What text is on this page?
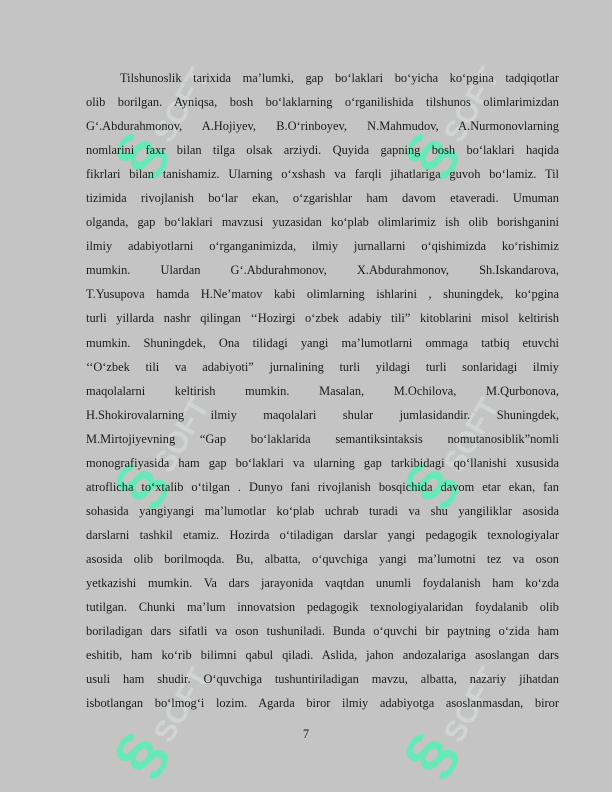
§SOFT
§SOFT
§SOFT
§SOFT
§SOFT
§SOFT
Tilshunoslik tarixida ma’lumki, gap bo‘laklari bo‘yicha ko‘pgina tadqiqotlar
olib borilgan. Ayniqsa, bosh bo‘laklarning o‘rganilishida tilshunos olimlarimizdan
G‘.Abdurahmonov, A.Hojiyev, B.O‘rinboyev, N.Mahmudov, A.Nurmonovlarning
nomlarini faxr bilan tilga olsak arziydi. Quyida gapning bosh bo‘laklari haqida
fikrlari bilan tanishamiz. Ularning o‘xshash va farqli jihatlariga guvoh bo‘lamiz. Til
tizimida rivojlanish bo‘lar ekan, o‘zgarishlar ham davom etaveradi. Umuman
olganda, gap bo‘laklari mavzusi yuzasidan ko‘plab olimlarimiz ish olib borishganini
ilmiy adabiyotlarni o‘rganganimizda, ilmiy jurnallarni o‘qishimizda ko‘rishimiz
mumkin. Ulardan G‘.Abdurahmonov, X.Abdurahmonov, Sh.Iskandarova,
T.Yusupova hamda H.Ne’matov kabi olimlarning ishlarini , shuningdek, ko‘pgina
turli yillarda nashr qilingan ‘‘Hozirgi o‘zbek adabiy tili” kitoblarini misol keltirish
mumkin. Shuningdek, Ona tilidagi yangi ma’lumotlarni ommaga tatbiq etuvchi
‘‘O‘zbek tili va adabiyoti” jurnalining turli yildagi turli sonlaridagi ilmiy
maqolalarni keltirish mumkin. Masalan, M.Ochilova, M.Qurbonova,
H.Shokirovalarning ilmiy maqolalari shular jumlasidandir. Shuningdek,
M.Mirtojiyevning “Gap bo‘laklarida semantiksintaksis nomutanosiblik”nomli
monografiyasida ham gap bo‘laklari va ularning gap tarkibidagi qo‘llanishi xususida
atroflicha to‘xtalib o‘tilgan . Dunyo fani rivojlanish bosqichida davom etar ekan, fan
sohasida yangiyangi ma’lumotlar ko‘plab uchrab turadi va shu yangiliklar asosida
darslarni tashkil etamiz. Hozirda o‘tiladigan darslar yangi pedagogik texnologiyalar
asosida olib borilmoqda. Bu, albatta, o‘quvchiga yangi ma’lumotni tez va oson
yetkazishi mumkin. Va dars jarayonida vaqtdan unumli foydalanish ham ko‘zda
tutilgan. Chunki ma’lum innovatsion pedagogik texnologiyalaridan foydalanib olib
boriladigan dars sifatli va oson tushuniladi. Bunda o‘quvchi bir paytning o‘zida ham
eshitib, ham ko‘rib bilimni qabul qiladi. Aslida, jahon andozalariga asoslangan dars
usuli ham shudir. O‘quvchiga tushuntiriladigan mavzu, albatta, nazariy jihatdan
isbotlangan bo‘lmog‘i lozim. Agarda biror ilmiy adabiyotga asoslanmasdan, biror
7
